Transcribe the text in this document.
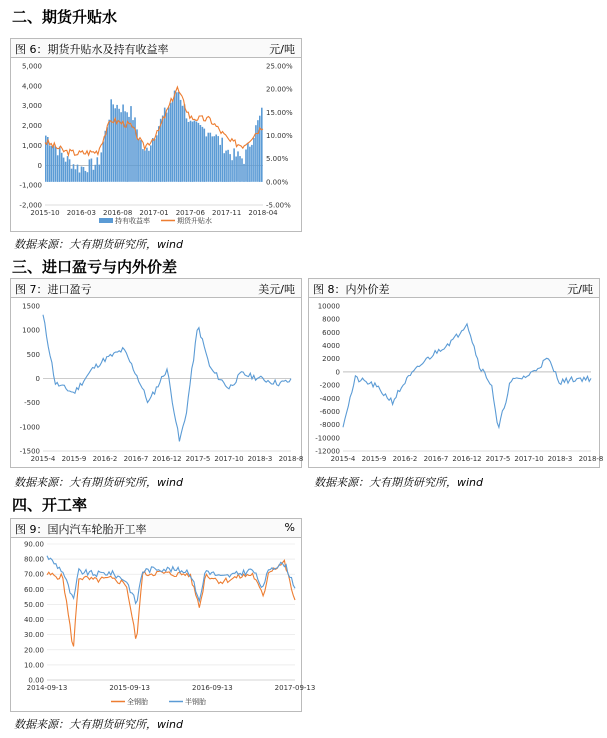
二、期货升贴水
图 6：期货升贴水及持有收益率	元/吨
5,000
4,000
3,000
2,000
1,000
0
-1,000
-2,000
25.00%
20.00%
15.00%
10.00%
5.00%
0.00%
-5.00%
2015-10 2016-03 2016-08 2017-01 2017-06 2017-11 2018-04
持有收益率	期货升贴水
数据来源：大有期货研究所，wind
三、进口盈亏与内外价差
图 7：进口盈亏	美元/吨
1500
1000
500
0
-500
-1000
-1500
2015-4 2015-9 2016-2 2016-7 2016-12 2017-5 2017-10 2018-3 2018-8
图 8：内外价差	元/吨
10000
8000
6000
4000
2000
0
-2000
-4000
-6000
-8000
-10000
-12000
2015-4 2015-9 2016-2 2016-7 2016-12 2017-5 2017-10 2018-3 2018-8
数据来源：大有期货研究所，wind	数据来源：大有期货研究所，wind
四、开工率
图 9：国内汽车轮胎开工率	%
90.00
80.00
70.00
60.00
50.00
40.00
30.00
20.00
10.00
0.00
2014-09-13	2015-09-13	2016-09-13	2017-09-13
全钢胎	半钢胎
数据来源：大有期货研究所，wind
